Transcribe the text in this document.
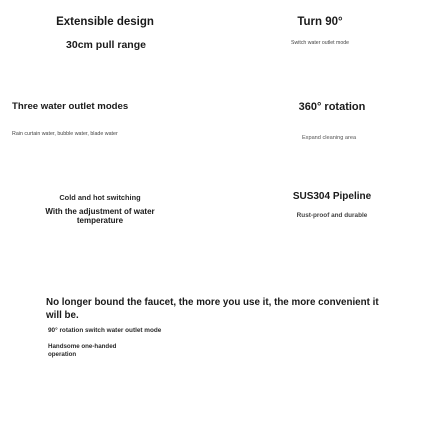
Extensible design
30cm pull range
Turn 90°
Switch water outlet mode
Three water outlet modes
Rain curtain water, bubble water, blade water
360° rotation
Expand cleaning area
Cold and hot switching
With the adjustment of water temperature
SUS304 Pipeline
Rust-proof and durable
No longer bound the faucet, the more you use it, the more convenient it will be.
90° rotation switch water outlet mode
Handsome one-handed operation
